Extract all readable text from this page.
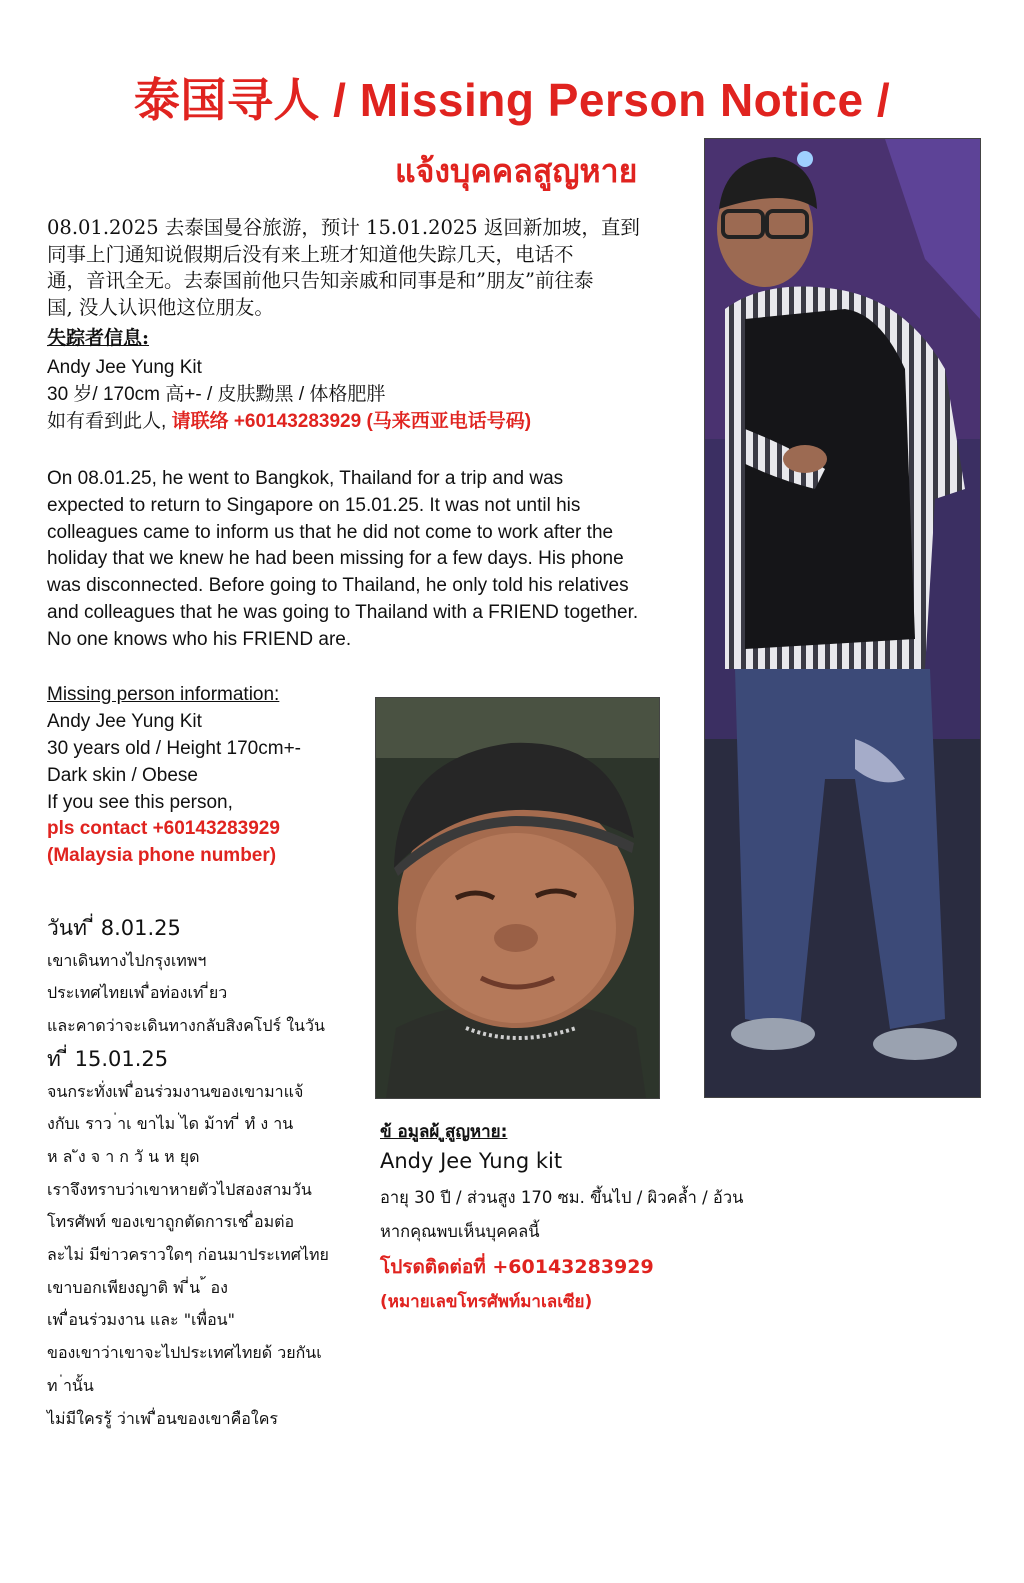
泰国寻人 / Missing Person Notice /
แจ้งบุคคลสูญหาย
08.01.2025 去泰国曼谷旅游，预计 15.01.2025 返回新加坡，直到
同事上门通知说假期后没有来上班才知道他失踪几天，电话不
通，音讯全无。去泰国前他只告知亲戚和同事是和”朋友”前往泰
国, 没人认识他这位朋友。
失踪者信息:
Andy Jee Yung Kit
30 岁/ 170cm 高+- / 皮肤黝黑 / 体格肥胖
如有看到此人, 请联络 +60143283929 (马来西亚电话号码)
On 08.01.25, he went to Bangkok, Thailand for a trip and was
expected to return to Singapore on 15.01.25. It was not until his
colleagues came to inform us that he did not come to work after the
holiday that we knew he had been missing for a few days. His phone
was disconnected. Before going to Thailand, he only told his relatives
and colleagues that he was going to Thailand with a FRIEND together.
No one knows who his FRIEND are.
Missing person information:
Andy Jee Yung Kit
30 years old / Height 170cm+-
Dark skin / Obese
If you see this person,
pls contact +60143283929
(Malaysia phone number)
วันท ี่ 8.01.25
เขาเดินทางไปกรุงเทพฯ
ประเทศไทยเพ ื่อท่องเท ี่ยว
และคาดว่าจะเดินทางกลับสิงคโปร์ ในวัน
ท ี่ 15.01.25
จนกระทั่งเพ ื่อนร่วมงานของเขามาแจ้
งกับเ ราว ่าเ ขาไม ่ได ม้าท ี่ ทํ ง าน
ห ล ัง จ า ก วั น ห ยุด
เราจึงทราบว่าเขาหายตัวไปสองสามวัน
โทรศัพท์ ของเขาถูกตัดการเช ื่อมต่อ
ละไม่ มีข่าวคราวใดๆ ก่อนมาประเทศไทย
เขาบอกเพียงญาติ พ ี่น ้ อง
เพ ื่อนร่วมงาน และ "เพื่อน"
ของเขาว่าเขาจะไปประเทศไทยด้ วยกันเ
ท ่านั้น
ไม่มีใครรู้ ว่าเพ ื่อนของเขาคือใคร
ข้ อมูลผ้ ูสูญหาย:
Andy Jee Yung kit
อายุ 30 ปี / ส่วนสูง 170 ซม. ขึ้นไป / ผิวคล้ำ / อ้วน
หากคุณพบเห็นบุคคลนี้
โปรดติดต่อที่ +60143283929
(หมายเลขโทรศัพท์มาเลเซีย)
